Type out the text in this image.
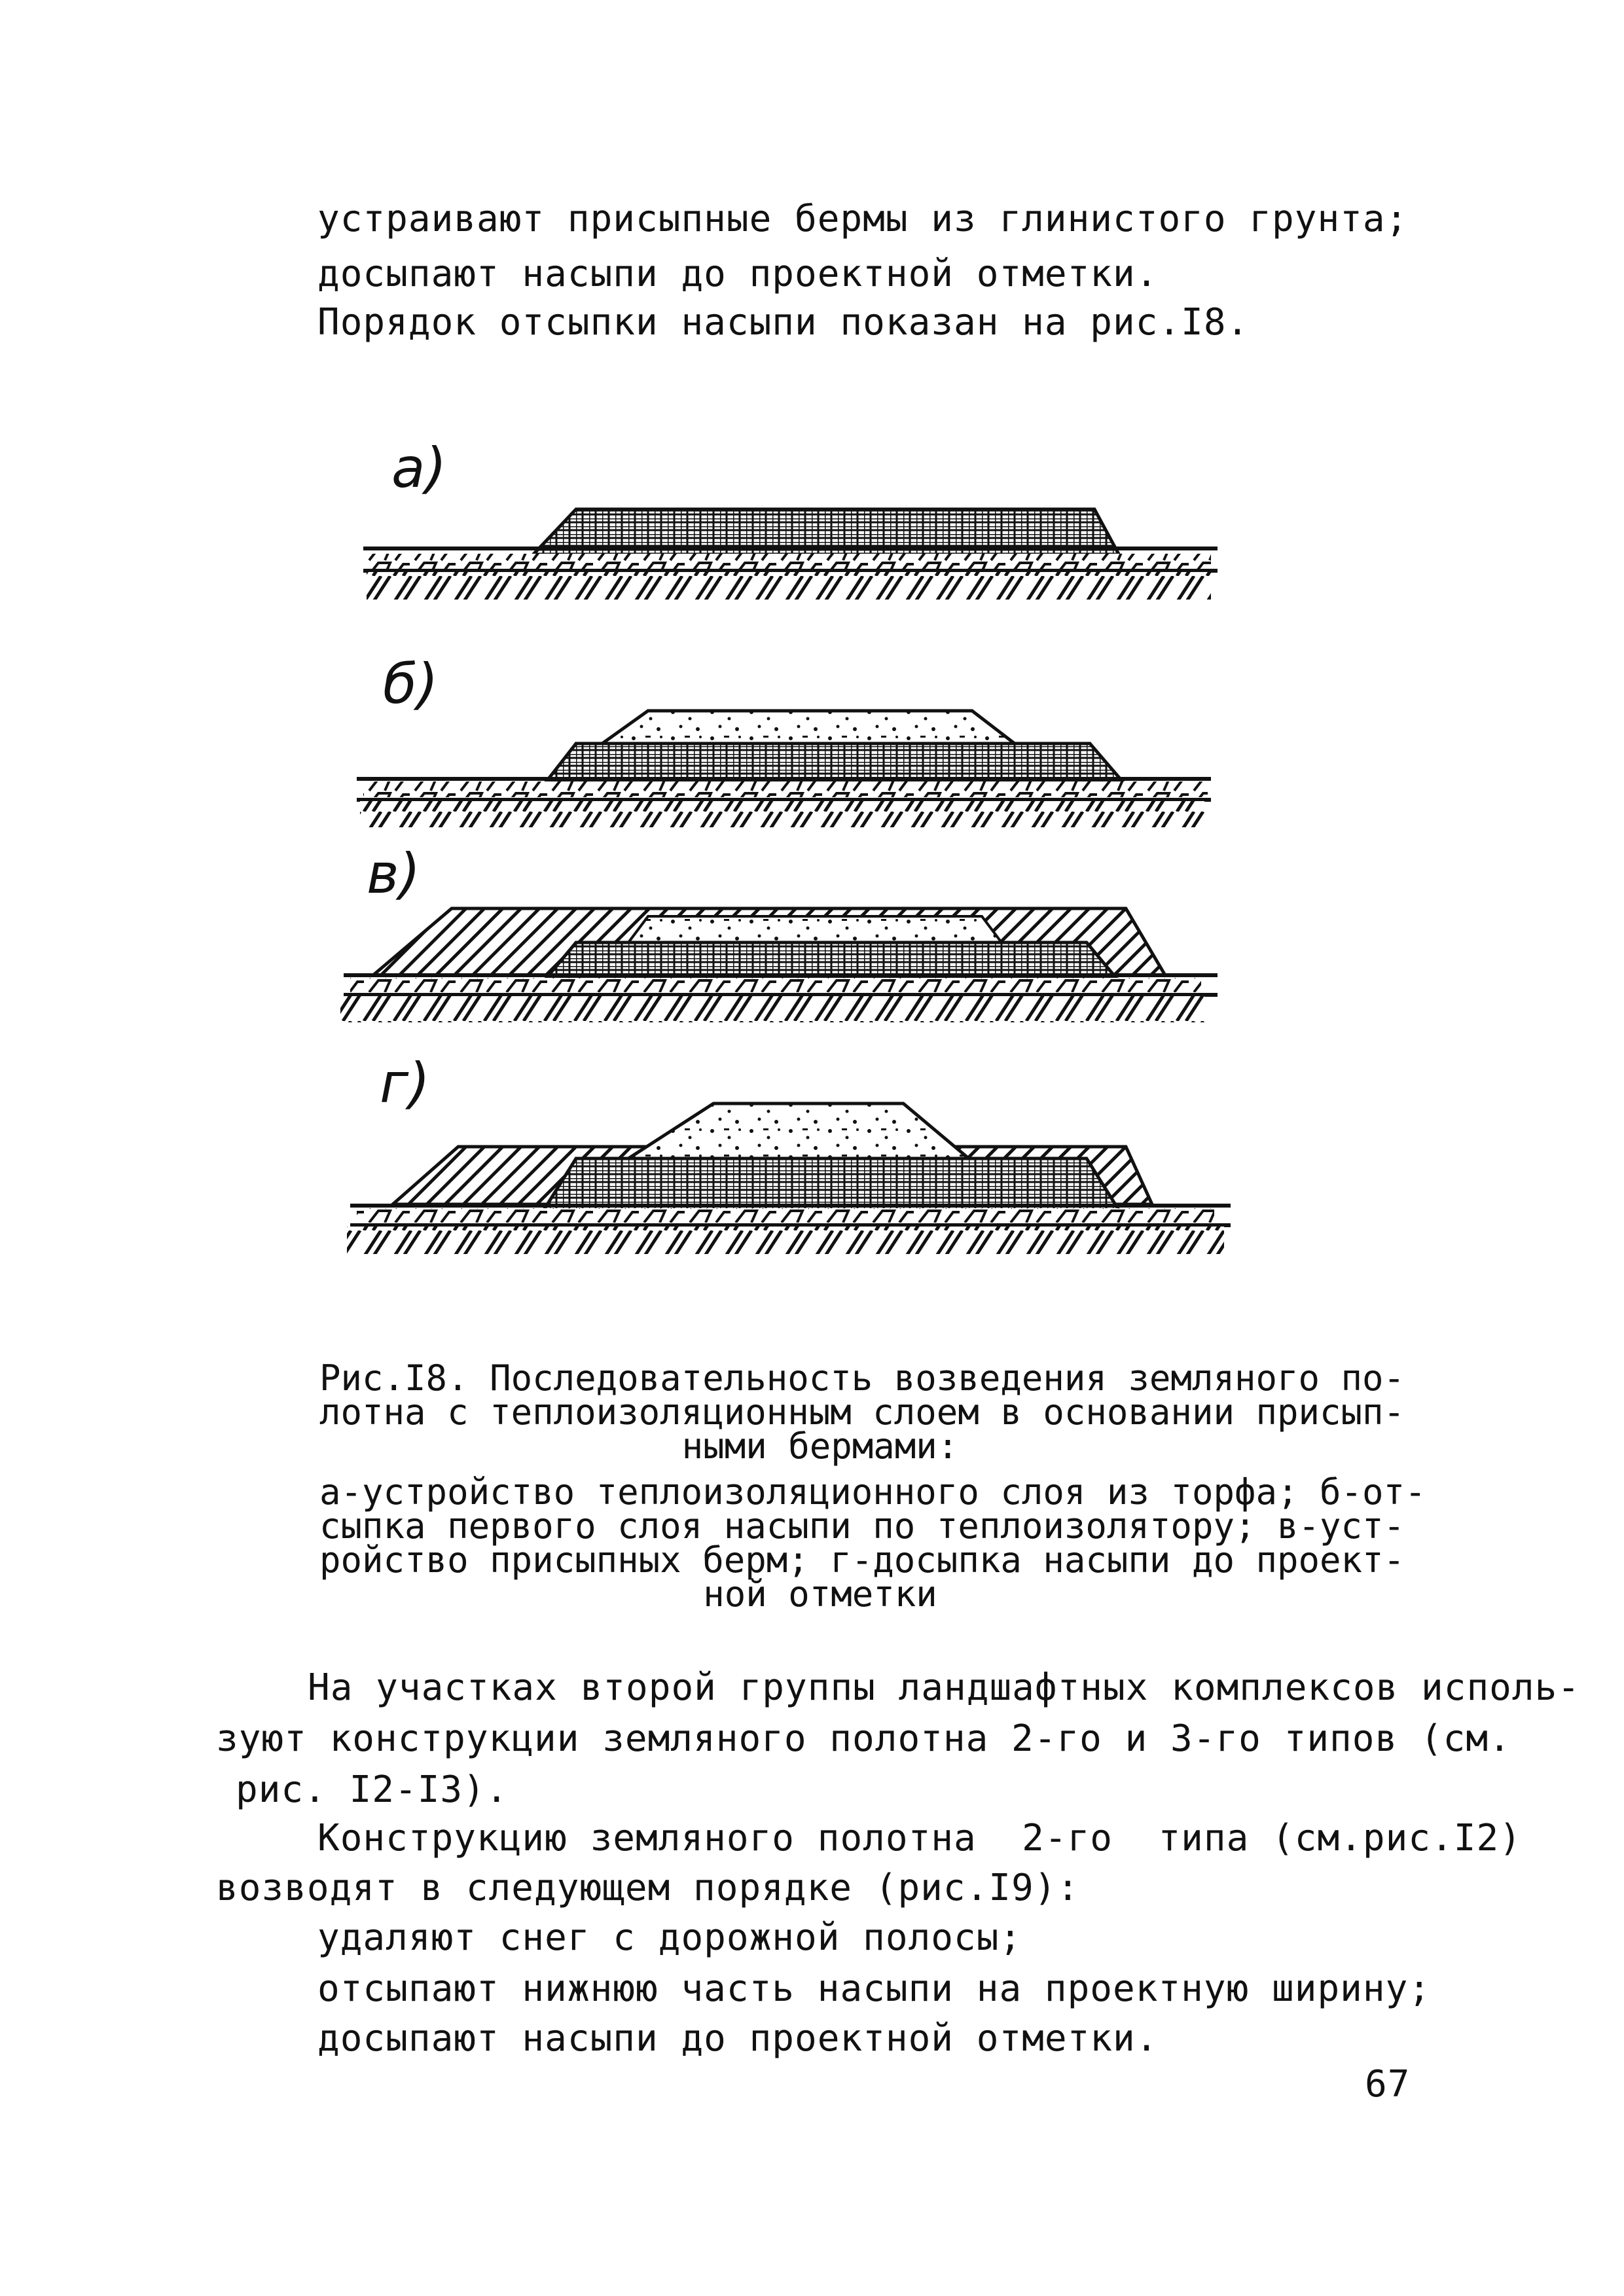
устраивают присыпные бермы из глинистого грунта;
досыпают насыпи до проектной отметки.
Порядок отсыпки насыпи показан на рис.I8.
а)
б)
в)
г)
Рис.I8. Последовательность возведения земляного по-
лотна с теплоизоляционным слоем в основании присып-
ными бермами:
а-устройство теплоизоляционного слоя из торфа; б-от-
сыпка первого слоя насыпи по теплоизолятору; в-уст-
ройство присыпных берм; г-досыпка насыпи до проект-
ной отметки
На участках второй группы ландшафтных комплексов исполь-
зуют конструкции земляного полотна 2-го и 3-го типов (см.
рис. I2-I3).
Конструкцию земляного полотна  2-го  типа (см.рис.I2)
возводят в следующем порядке (рис.I9):
удаляют снег с дорожной полосы;
отсыпают нижнюю часть насыпи на проектную ширину;
досыпают насыпи до проектной отметки.
67
